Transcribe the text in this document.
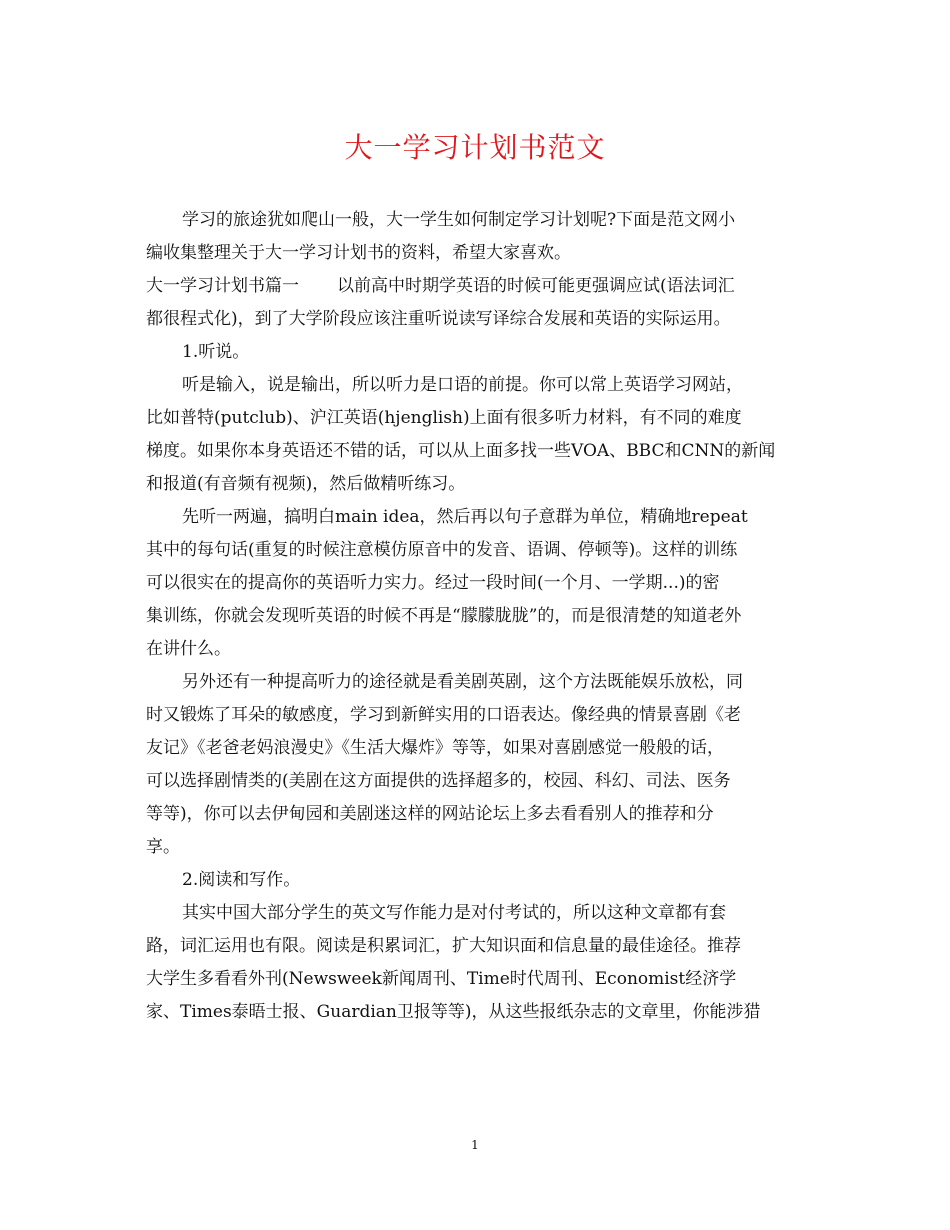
大一学习计划书范文

学习的旅途犹如爬山一般，大一学生如何制定学习计划呢?下面是范文网小

编收集整理关于大一学习计划书的资料，希望大家喜欢。

大一学习计划书篇一 以前高中时期学英语的时候可能更强调应试(语法词汇

都很程式化)，到了大学阶段应该注重听说读写译综合发展和英语的实际运用。

1.听说。

听是输入，说是输出，所以听力是口语的前提。你可以常上英语学习网站，

比如普特(putclub)、沪江英语(hjenglish)上面有很多听力材料，有不同的难度

梯度。如果你本身英语还不错的话，可以从上面多找一些VOA、BBC和CNN的新闻

和报道(有音频有视频)，然后做精听练习。

先听一两遍，搞明白main idea，然后再以句子意群为单位，精确地repeat

其中的每句话(重复的时候注意模仿原音中的发音、语调、停顿等)。这样的训练

可以很实在的提高你的英语听力实力。经过一段时间(一个月、一学期...)的密

集训练，你就会发现听英语的时候不再是“朦朦胧胧”的，而是很清楚的知道老外

在讲什么。

另外还有一种提高听力的途径就是看美剧英剧，这个方法既能娱乐放松，同

时又锻炼了耳朵的敏感度，学习到新鲜实用的口语表达。像经典的情景喜剧《老

友记》《老爸老妈浪漫史》《生活大爆炸》等等，如果对喜剧感觉一般般的话，

可以选择剧情类的(美剧在这方面提供的选择超多的，校园、科幻、司法、医务

等等)，你可以去伊甸园和美剧迷这样的网站论坛上多去看看别人的推荐和分

享。

2.阅读和写作。

其实中国大部分学生的英文写作能力是对付考试的，所以这种文章都有套

路，词汇运用也有限。阅读是积累词汇，扩大知识面和信息量的最佳途径。推荐

大学生多看看外刊(Newsweek新闻周刊、Time时代周刊、Economist经济学

家、Times泰晤士报、Guardian卫报等等)，从这些报纸杂志的文章里，你能涉猎

1
